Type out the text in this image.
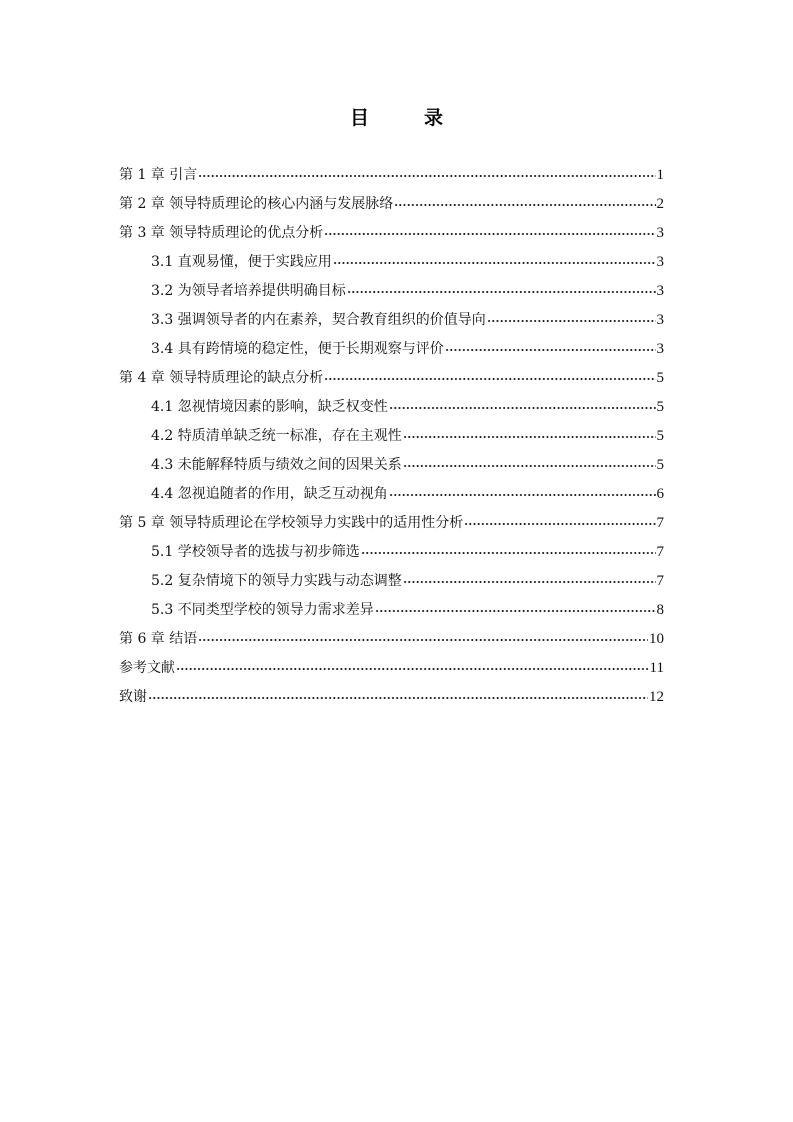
目　录
第 1 章 引言	1
第 2 章 领导特质理论的核心内涵与发展脉络	2
第 3 章 领导特质理论的优点分析	3
3.1 直观易懂，便于实践应用	3
3.2 为领导者培养提供明确目标	3
3.3 强调领导者的内在素养，契合教育组织的价值导向	3
3.4 具有跨情境的稳定性，便于长期观察与评价	3
第 4 章 领导特质理论的缺点分析	5
4.1 忽视情境因素的影响，缺乏权变性	5
4.2 特质清单缺乏统一标准，存在主观性	5
4.3 未能解释特质与绩效之间的因果关系	5
4.4 忽视追随者的作用，缺乏互动视角	6
第 5 章 领导特质理论在学校领导力实践中的适用性分析	7
5.1 学校领导者的选拔与初步筛选	7
5.2 复杂情境下的领导力实践与动态调整	7
5.3 不同类型学校的领导力需求差异	8
第 6 章 结语	10
参考文献	11
致谢	12
